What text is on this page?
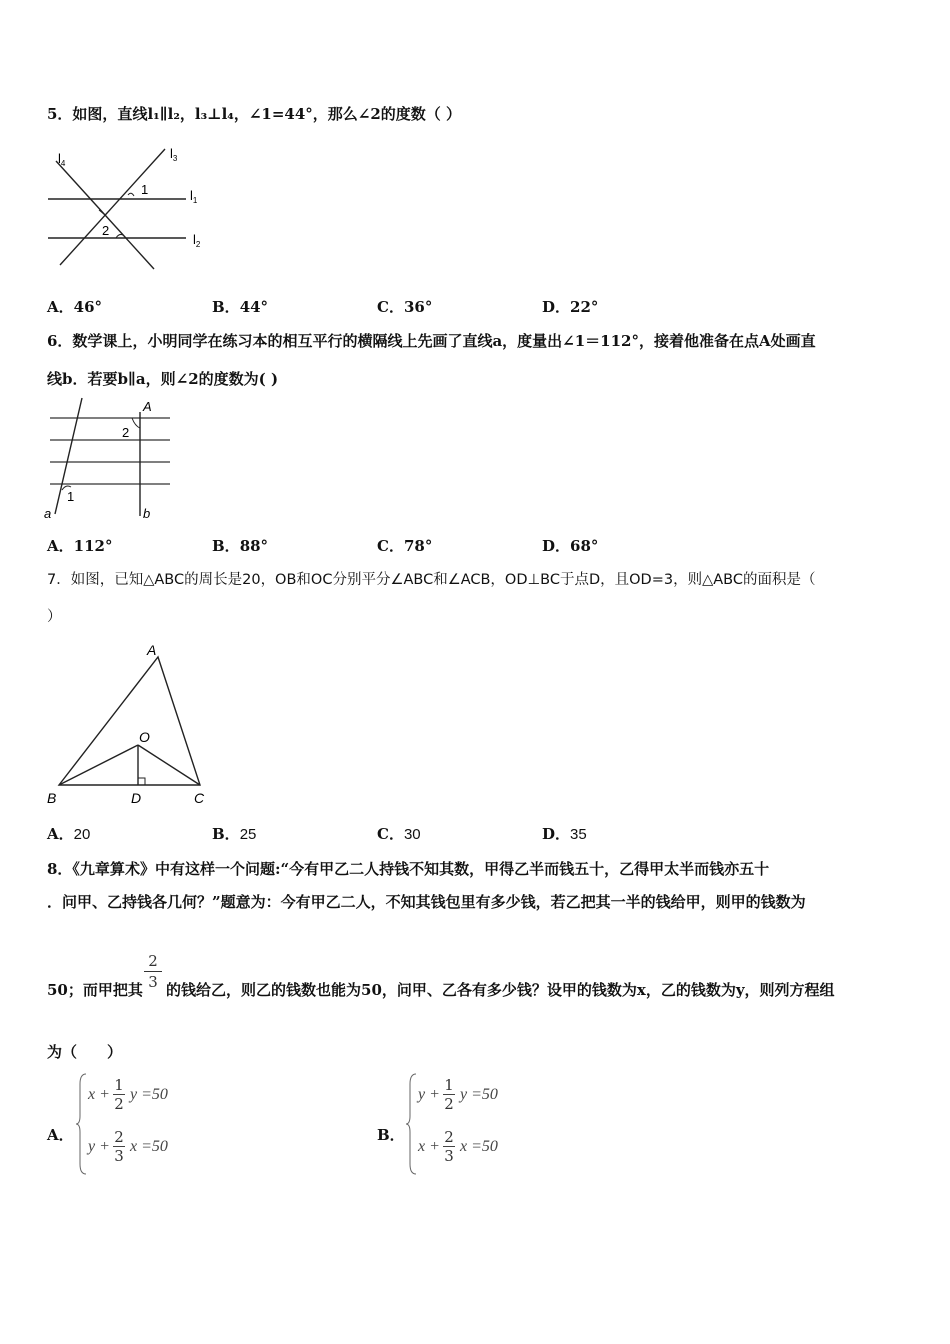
5．如图，直线l₁∥l₂，l₃⊥l₄，∠1=44°，那么∠2的度数（ ）
$l_4$
$l_3$
$l_1$
$l_2$
1
2
A．46°	B．44°	C．36°	D．22°
6．数学课上，小明同学在练习本的相互平行的横隔线上先画了直线a，度量出∠1＝112°，接着他准备在点A处画直
线b．若要b∥a，则∠2的度数为( )
A
2
1
a	b
A．112°	B．88°	C．78°	D．68°
7．如图，已知△ABC的周长是20，OB和OC分别平分∠ABC和∠ACB，OD⊥BC于点D，且OD=3，则△ABC的面积是（
）
A
O
B	D	C
A．20	B．25	C．30	D．35
8．《九章算术》中有这样一个问题:“今有甲乙二人持钱不知其数，甲得乙半而钱五十，乙得甲太半而钱亦五十
．问甲、乙持钱各几何？”题意为：今有甲乙二人，不知其钱包里有多少钱，若乙把其一半的钱给甲，则甲的钱数为
2
3
50；而甲把其 的钱给乙，则乙的钱数也能为50，问甲、乙各有多少钱？设甲的钱数为x，乙的钱数为y，则列方程组
为（　　）
A．
x +
1
2
y =50
y +
2
3
x =50
B．
y +
1
2
y =50
x +
2
3
x =50
